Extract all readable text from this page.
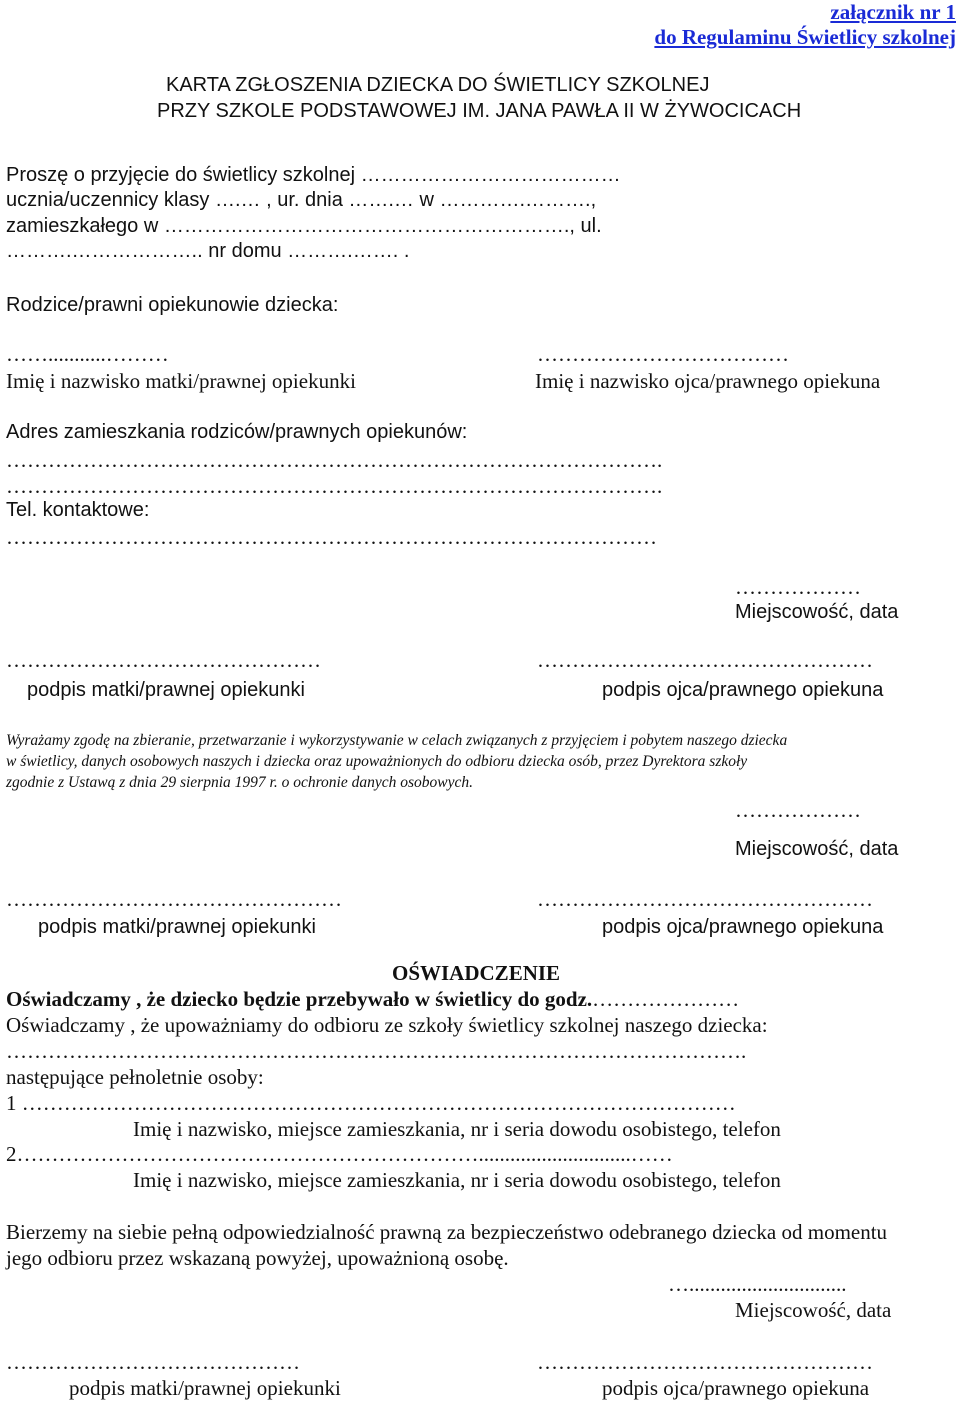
załącznik nr 1
do Regulaminu Świetlicy szkolnej
KARTA ZGŁOSZENIA DZIECKA DO ŚWIETLICY SZKOLNEJ
PRZY SZKOLE PODSTAWOWEJ IM. JANA PAWŁA II W ŻYWOCICACH
Proszę o przyjęcie do świetlicy szkolnej …………………………………
ucznia/uczennicy klasy ….… , ur. dnia …….… w ………….……….,
zamieszkałego w ……………………………………………………., ul.
……….……………….. nr domu ……….……. .
Rodzice/prawni opiekunowie dziecka:
……...........………	………………………………
Imię i nazwisko matki/prawnej opiekunki	Imię i nazwisko ojca/prawnego opiekuna
Adres zamieszkania rodziców/prawnych opiekunów:
………………………………………………………………………………….
………………………………………………………………………………….
Tel. kontaktowe:
…………………………………………………………………………………
………………
Miejscowość, data
………………………………………	…………………………………………
podpis matki/prawnej opiekunki	podpis ojca/prawnego opiekuna
Wyrażamy zgodę na zbieranie, przetwarzanie i wykorzystywanie w celach związanych z przyjęciem i pobytem naszego dziecka
w świetlicy, danych osobowych naszych i dziecka oraz upoważnionych do odbioru dziecka osób, przez Dyrektora szkoły
zgodnie z Ustawą z dnia 29 sierpnia 1997 r. o ochronie danych osobowych.
………………
Miejscowość, data
…………………………………………	…………………………………………
podpis matki/prawnej opiekunki	podpis ojca/prawnego opiekuna
OŚWIADCZENIE
Oświadczamy , że dziecko będzie przebywało w świetlicy do godz.…………………
Oświadczamy , że upoważniamy do odbioru ze szkoły świetlicy szkolnej naszego dziecka:
…………………………………………………………………………………………….
następujące pełnoletnie osoby:
1 …………………………………………………………………………………………
Imię i nazwisko, miejsce zamieszkania, nr i seria dowodu osobistego, telefon
2………………………………………………………….............................……
Imię i nazwisko, miejsce zamieszkania, nr i seria dowodu osobistego, telefon
Bierzemy na siebie pełną odpowiedzialność prawną za bezpieczeństwo odebranego dziecka od momentu
jego odbioru przez wskazaną powyżej, upoważnioną osobę.
…..............................
Miejscowość, data
……………………………………	…………………………………………
podpis matki/prawnej opiekunki	podpis ojca/prawnego opiekuna
